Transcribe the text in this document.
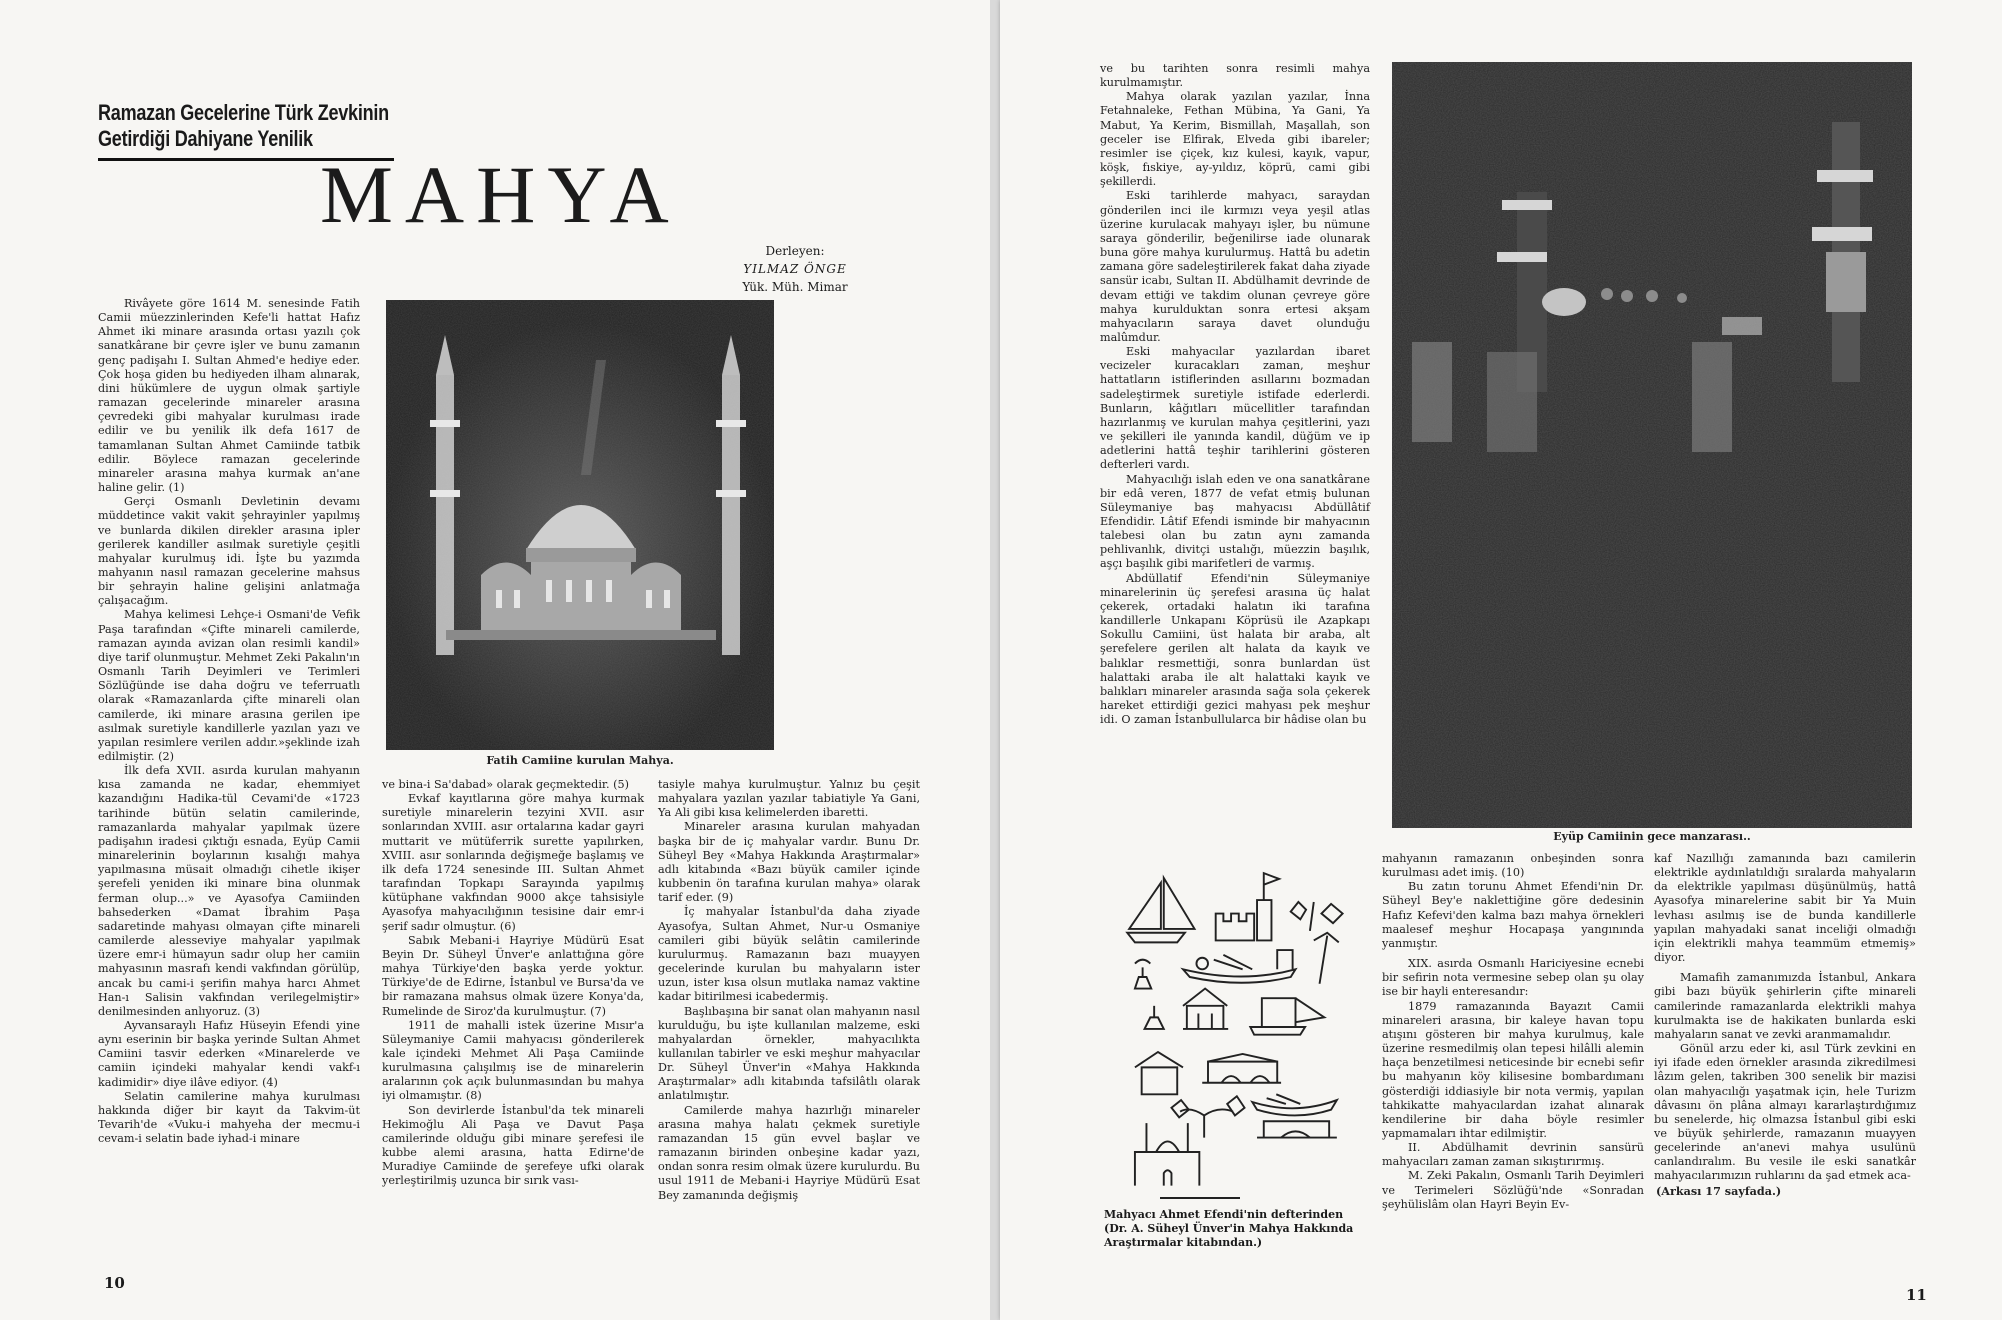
Ramazan Gecelerine Türk Zevkinin
Getirdiği Dahiyane Yenilik
MAHYA
Derleyen:
YILMAZ ÖNGE
Yük. Müh. Mimar
Fatih Camiine kurulan Mahya.

Rivâyete göre 1614 M. senesinde Fatih Camii müezzinlerinden Kefe'li hattat Hafız Ahmet iki minare arasında ortası yazılı çok sanatkârane bir çevre işler ve bunu zamanın genç padişahı I. Sultan Ahmed'e hediye eder. Çok hoşa giden bu hediyeden ilham alınarak, dini hükümlere de uygun olmak şartiyle ramazan gecelerinde minareler arasına çevredeki gibi mahyalar kurulması irade edilir ve bu yenilik ilk defa 1617 de tamamlanan Sultan Ahmet Camiinde tatbik edilir. Böylece ramazan gecelerinde minareler arasına mahya kurmak an'ane haline gelir. (1)

Gerçi Osmanlı Devletinin devamı müddetince vakit vakit şehrayinler yapılmış ve bunlarda dikilen direkler arasına ipler gerilerek kandiller asılmak suretiyle çeşitli mahyalar kurulmuş idi. İşte bu yazımda mahyanın nasıl ramazan gecelerine mahsus bir şehrayin haline gelişini anlatmağa çalışacağım.

Mahya kelimesi Lehçe-i Osmani'de Vefik Paşa tarafından «Çifte minareli camilerde, ramazan ayında avizan olan resimli kandil» diye tarif olunmuştur. Mehmet Zeki Pakalın'ın Osmanlı Tarih Deyimleri ve Terimleri Sözlüğünde ise daha doğru ve teferruatlı olarak «Ramazanlarda çifte minareli olan camilerde, iki minare arasına gerilen ipe asılmak suretiyle kandillerle yazılan yazı ve yapılan resimlere verilen addır.»şeklinde izah edilmiştir. (2)

İlk defa XVII. asırda kurulan mahyanın kısa zamanda ne kadar, ehemmiyet kazandığını Hadika-tül Cevami'de «1723 tarihinde bütün selatin camilerinde, ramazanlarda mahyalar yapılmak üzere padişahın iradesi çıktığı esnada, Eyüp Camii minarelerinin boylarının kısalığı mahya yapılmasına müsait olmadığı cihetle ikişer şerefeli yeniden iki minare bina olunmak ferman olup...» ve Ayasofya Camiinden bahsederken «Damat İbrahim Paşa sadaretinde mahyası olmayan çifte minareli camilerde alesseviye mahyalar yapılmak üzere emr-i hümayun sadır olup her camiin mahyasının masrafı kendi vakfından görülüp, ancak bu cami-i şerifin mahya harcı Ahmet Han-ı Salisin vakfından verilegelmiştir» denilmesinden anlıyoruz. (3)

Ayvansaraylı Hafız Hüseyin Efendi yine aynı eserinin bir başka yerinde Sultan Ahmet Camiini tasvir ederken «Minarelerde ve camiin içindeki mahyalar kendi vakf-ı kadimidir» diye ilâve ediyor. (4)

Selatin camilerine mahya kurulması hakkında diğer bir kayıt da Takvim-üt Tevarih'de «Vuku-i mahyeha der mecmu-i cevam-i selatin bade iyhad-i minare

ve bina-i Sa'dabad» olarak geçmektedir. (5)

Evkaf kayıtlarına göre mahya kurmak suretiyle minarelerin tezyini XVII. asır sonlarından XVIII. asır ortalarına kadar gayri muttarit ve mütüferrik surette yapılırken, XVIII. asır sonlarında değişmeğe başlamış ve ilk defa 1724 senesinde III. Sultan Ahmet tarafından Topkapı Sarayında yapılmış kütüphane vakfından 9000 akçe tahsisiyle Ayasofya mahyacılığının tesisine dair emr-i şerif sadır olmuştur. (6)

Sabık Mebani-i Hayriye Müdürü Esat Beyin Dr. Süheyl Ünver'e anlattığına göre mahya Türkiye'den başka yerde yoktur. Türkiye'de de Edirne, İstanbul ve Bursa'da ve bir ramazana mahsus olmak üzere Konya'da, Rumelinde de Siroz'da kurulmuştur. (7)

1911 de mahalli istek üzerine Mısır'a Süleymaniye Camii mahyacısı gönderilerek kale içindeki Mehmet Ali Paşa Camiinde kurulmasına çalışılmış ise de minarelerin aralarının çok açık bulunmasından bu mahya iyi olmamıştır. (8)

Son devirlerde İstanbul'da tek minareli Hekimoğlu Ali Paşa ve Davut Paşa camilerinde olduğu gibi minare şerefesi ile kubbe alemi arasına, hatta Edirne'de Muradiye Camiinde de şerefeye ufki olarak yerleştirilmiş uzunca bir sırık vası-

tasiyle mahya kurulmuştur. Yalnız bu çeşit mahyalara yazılan yazılar tabiatiyle Ya Gani, Ya Ali gibi kısa kelimelerden ibaretti.

Minareler arasına kurulan mahyadan başka bir de iç mahyalar vardır. Bunu Dr. Süheyl Bey «Mahya Hakkında Araştırmalar» adlı kitabında «Bazı büyük camiler içinde kubbenin ön tarafına kurulan mahya» olarak tarif eder. (9)

İç mahyalar İstanbul'da daha ziyade Ayasofya, Sultan Ahmet, Nur-u Osmaniye camileri gibi büyük selâtin camilerinde kurulurmuş. Ramazanın bazı muayyen gecelerinde kurulan bu mahyaların ister uzun, ister kısa olsun mutlaka namaz vaktine kadar bitirilmesi icabedermiş.

Başlıbaşına bir sanat olan mahyanın nasıl kurulduğu, bu işte kullanılan malzeme, eski mahyalardan örnekler, mahyacılıkta kullanılan tabirler ve eski meşhur mahyacılar Dr. Süheyl Ünver'in «Mahya Hakkında Araştırmalar» adlı kitabında tafsilâtlı olarak anlatılmıştır.

Camilerde mahya hazırlığı minareler arasına mahya halatı çekmek suretiyle ramazandan 15 gün evvel başlar ve ramazanın birinden onbeşine kadar yazı, ondan sonra resim olmak üzere kurulurdu. Bu usul 1911 de Mebani-i Hayriye Müdürü Esat Bey zamanında değişmiş

10

ve bu tarihten sonra resimli mahya kurulmamıştır.

Mahya olarak yazılan yazılar, İnna Fetahnaleke, Fethan Mübina, Ya Gani, Ya Mabut, Ya Kerim, Bismillah, Maşallah, son geceler ise Elfirak, Elveda gibi ibareler; resimler ise çiçek, kız kulesi, kayık, vapur, köşk, fıskiye, ay-yıldız, köprü, cami gibi şekillerdi.

Eski tarihlerde mahyacı, saraydan gönderilen inci ile kırmızı veya yeşil atlas üzerine kurulacak mahyayı işler, bu nümune saraya gönderilir, beğenilirse iade olunarak buna göre mahya kurulurmuş. Hattâ bu adetin zamana göre sadeleştirilerek fakat daha ziyade sansür icabı, Sultan II. Abdülhamit devrinde de devam ettiği ve takdim olunan çevreye göre mahya kurulduktan sonra ertesi akşam mahyacıların saraya davet olunduğu malûmdur.

Eski mahyacılar yazılardan ibaret vecizeler kuracakları zaman, meşhur hattatların istiflerinden asıllarını bozmadan sadeleştirmek suretiyle istifade ederlerdi. Bunların, kâğıtları mücellitler tarafından hazırlanmış ve kurulan mahya çeşitlerini, yazı ve şekilleri ile yanında kandil, düğüm ve ip adetlerini hattâ teşhir tarihlerini gösteren defterleri vardı.

Mahyacılığı islah eden ve ona sanatkârane bir edâ veren, 1877 de vefat etmiş bulunan Süleymaniye baş mahyacısı Abdüllâtif Efendidir. Lâtif Efendi isminde bir mahyacının talebesi olan bu zatın aynı zamanda pehlivanlık, divitçi ustalığı, müezzin başılık, aşçı başılık gibi marifetleri de varmış.

Abdüllatif Efendi'nin Süleymaniye minarelerinin üç şerefesi arasına üç halat çekerek, ortadaki halatın iki tarafına kandillerle Unkapanı Köprüsü ile Azapkapı Sokullu Camiini, üst halata bir araba, alt şerefelere gerilen alt halata da kayık ve balıklar resmettiği, sonra bunlardan üst halattaki araba ile alt halattaki kayık ve balıkları minareler arasında sağa sola çekerek hareket ettirdiği gezici mahyası pek meşhur idi. O zaman İstanbullularca bir hâdise olan bu

Mahyacı Ahmet Efendi'nin defterinden
(Dr. A. Süheyl Ünver'in Mahya Hakkında
Araştırmalar kitabından.)
Eyüp Camiinin gece manzarası..

mahyanın ramazanın onbeşinden sonra kurulması adet imiş. (10)

Bu zatın torunu Ahmet Efendi'nin Dr. Süheyl Bey'e naklettiğine göre dedesinin Hafız Kefevi'den kalma bazı mahya örnekleri maalesef meşhur Hocapaşa yangınında yanmıştır.

XIX. asırda Osmanlı Hariciyesine ecnebi bir sefirin nota vermesine sebep olan şu olay ise bir hayli enteresandır:

1879 ramazanında Bayazıt Camii minareleri arasına, bir kaleye havan topu atışını gösteren bir mahya kurulmuş, kale üzerine resmedilmiş olan tepesi hilâlli alemin haça benzetilmesi neticesinde bir ecnebi sefir bu mahyanın köy kilisesine bombardımanı gösterdiği iddiasiyle bir nota vermiş, yapılan tahkikatte mahyacılardan izahat alınarak kendilerine bir daha böyle resimler yapmamaları ihtar edilmiştir.

II. Abdülhamit devrinin sansürü mahyacıları zaman zaman sıkıştırırmış.

M. Zeki Pakalın, Osmanlı Tarih Deyimleri ve Terimeleri Sözlüğü'nde «Sonradan şeyhülislâm olan Hayri Beyin Ev-

kaf Nazıllığı zamanında bazı camilerin elektrikle aydınlatıldığı sıralarda mahyaların da elektrikle yapılması düşünülmüş, hattâ Ayasofya minarelerine sabit bir Ya Muin levhası asılmış ise de bunda kandillerle yapılan mahyadaki sanat inceliği olmadığı için elektrikli mahya teammüm etmemiş» diyor.

Mamafih zamanımızda İstanbul, Ankara gibi bazı büyük şehirlerin çifte minareli camilerinde ramazanlarda elektrikli mahya kurulmakta ise de hakikaten bunlarda eski mahyaların sanat ve zevki aranmamalıdır.

Gönül arzu eder ki, asıl Türk zevkini en iyi ifade eden örnekler arasında zikredilmesi lâzım gelen, takriben 300 senelik bir mazisi olan mahyacılığı yaşatmak için, hele Turizm dâvasını ön plâna almayı kararlaştırdığımız bu senelerde, hiç olmazsa İstanbul gibi eski ve büyük şehirlerde, ramazanın muayyen gecelerinde an'anevi mahya usulünü canlandıralım. Bu vesile ile eski sanatkâr mahyacılarımızın ruhlarını da şad etmek aca-

(Arkası 17 sayfada.)

11
